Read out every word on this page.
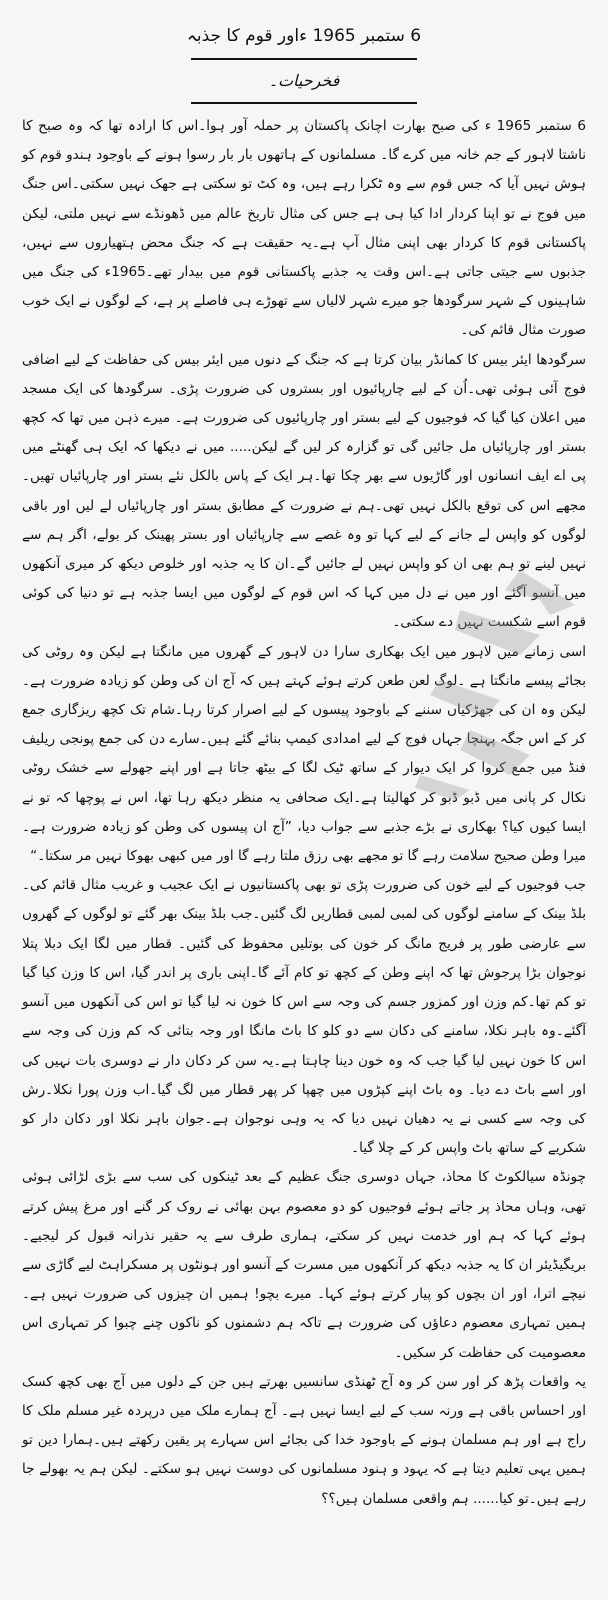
6 ستمبر 1965 ءاور قوم کا جذبہ
فخرحیات۔

6 ستمبر 1965 ء کی صبح بھارت اچانک پاکستان پر حملہ آور ہوا۔اس کا ارادہ تھا کہ وہ صبح کا ناشتا لاہور کے جم خانہ میں کرے گا۔ مسلمانوں کے ہاتھوں بار بار رسوا ہونے کے باوجود ہندو قوم کو ہوش نہیں آیا کہ جس قوم سے وہ ٹکرا رہے ہیں، وہ کٹ تو سکتی ہے جھک نہیں سکتی۔اس جنگ میں فوج نے تو اپنا کردار ادا کیا ہی ہے جس کی مثال تاریخ عالم میں ڈھونڈے سے نہیں ملتی، لیکن پاکستانی قوم کا کردار بھی اپنی مثال آپ ہے۔یہ حقیقت ہے کہ جنگ محض ہتھیاروں سے نہیں، جذبوں سے جیتی جاتی ہے۔اس وقت یہ جذبے پاکستانی قوم میں بیدار تھے۔1965ء کی جنگ میں شاہینوں کے شہر سرگودھا جو میرے شہر لالیاں سے تھوڑے ہی فاصلے پر ہے، کے لوگوں نے ایک خوب صورت مثال قائم کی۔

سرگودھا ایئر بیس کا کمانڈر بیان کرتا ہے کہ جنگ کے دنوں میں ایئر بیس کی حفاظت کے لیے اضافی فوج آئی ہوئی تھی۔اُن کے لیے چارپائیوں اور بستروں کی ضرورت پڑی۔ سرگودھا کی ایک مسجد میں اعلان کیا گیا کہ فوجیوں کے لیے بستر اور چارپائیوں کی ضرورت ہے۔ میرے ذہن میں تھا کہ کچھ بستر اور چارپائیاں مل جائیں گی تو گزارہ کر لیں گے لیکن..... میں نے دیکھا کہ ایک ہی گھنٹے میں پی اے ایف انسانوں اور گاڑیوں سے بھر چکا تھا۔ہر ایک کے پاس بالکل نئے بستر اور چارپائیاں تھیں۔ مجھے اس کی توقع بالکل نہیں تھی۔ہم نے ضرورت کے مطابق بستر اور چارپائیاں لے لیں اور باقی لوگوں کو واپس لے جانے کے لیے کہا تو وہ غصے سے چارپائیاں اور بستر پھینک کر بولے، اگر ہم سے نہیں لینے تو ہم بھی ان کو واپس نہیں لے جائیں گے۔ان کا یہ جذبہ اور خلوص دیکھ کر میری آنکھوں میں آنسو آگئے اور میں نے دل میں کہا کہ اس قوم کے لوگوں میں ایسا جذبہ ہے تو دنیا کی کوئی قوم اسے شکست نہیں دے سکتی۔

اسی زمانے میں لاہور میں ایک بھکاری سارا دن لاہور کے گھروں میں مانگتا ہے لیکن وہ روٹی کی بجائے پیسے مانگتا ہے ۔لوگ لعن طعن کرتے ہوئے کہتے ہیں کہ آج ان کی وطن کو زیادہ ضرورت ہے۔ لیکن وہ ان کی جھڑکیاں سننے کے باوجود پیسوں کے لیے اصرار کرتا رہا۔شام تک کچھ ریزگاری جمع کر کے اس جگہ پہنچا جہاں فوج کے لیے امدادی کیمپ بنائے گئے ہیں۔سارے دن کی جمع پونجی ریلیف فنڈ میں جمع کروا کر ایک دیوار کے ساتھ ٹیک لگا کے بیٹھ جاتا ہے اور اپنے جھولے سے خشک روٹی نکال کر پانی میں ڈبو ڈبو کر کھالیتا ہے۔ایک صحافی یہ منظر دیکھ رہا تھا، اس نے پوچھا کہ تو نے ایسا کیوں کیا؟ بھکاری نے بڑے جذبے سے جواب دیا، ”آج ان پیسوں کی وطن کو زیادہ ضرورت ہے۔ میرا وطن صحیح سلامت رہے گا تو مجھے بھی رزق ملتا رہے گا اور میں کبھی بھوکا نہیں مر سکتا۔“

جب فوجیوں کے لیے خون کی ضرورت پڑی تو بھی پاکستانیوں نے ایک عجیب و غریب مثال قائم کی۔بلڈ بینک کے سامنے لوگوں کی لمبی لمبی قطاریں لگ گئیں۔جب بلڈ بینک بھر گئے تو لوگوں کے گھروں سے عارضی طور پر فریج مانگ کر خون کی بوتلیں محفوظ کی گئیں۔ قطار میں لگا ایک دبلا پتلا نوجوان بڑا پرجوش تھا کہ اپنے وطن کے کچھ تو کام آئے گا۔اپنی باری پر اندر گیا، اس کا وزن کیا گیا تو کم تھا۔کم وزن اور کمزور جسم کی وجہ سے اس کا خون نہ لیا گیا تو اس کی آنکھوں میں آنسو آگئے۔وہ باہر نکلا، سامنے کی دکان سے دو کلو کا باٹ مانگا اور وجہ بتائی کہ کم وزن کی وجہ سے اس کا خون نہیں لیا گیا جب کہ وہ خون دینا چاہتا ہے۔یہ سن کر دکان دار نے دوسری بات نہیں کی اور اسے باٹ دے دیا۔ وہ باٹ اپنے کپڑوں میں چھپا کر پھر قطار میں لگ گیا۔اب وزن پورا نکلا۔رش کی وجہ سے کسی نے یہ دھیان نہیں دیا کہ یہ وہی نوجوان ہے۔جوان باہر نکلا اور دکان دار کو شکریے کے ساتھ باٹ واپس کر کے چلا گیا۔

چونڈہ سیالکوٹ کا محاذ، جہاں دوسری جنگ عظیم کے بعد ٹینکوں کی سب سے بڑی لڑائی ہوئی تھی، وہاں محاذ پر جاتے ہوئے فوجیوں کو دو معصوم بہن بھائی نے روک کر گنے اور مرغ پیش کرتے ہوئے کہا کہ ہم اور خدمت نہیں کر سکتے، ہماری طرف سے یہ حقیر نذرانہ قبول کر لیجیے۔ بریگیڈیئر ان کا یہ جذبہ دیکھ کر آنکھوں میں مسرت کے آنسو اور ہونٹوں پر مسکراہٹ لیے گاڑی سے نیچے اترا، اور ان بچوں کو پیار کرتے ہوئے کہا۔ میرے بچو! ہمیں ان چیزوں کی ضرورت نہیں ہے۔ہمیں تمہاری معصوم دعاؤں کی ضرورت ہے تاکہ ہم دشمنوں کو ناکوں چنے چبوا کر تمہاری اس معصومیت کی حفاظت کر سکیں۔

یہ واقعات پڑھ کر اور سن کر وہ آج ٹھنڈی سانسیں بھرتے ہیں جن کے دلوں میں آج بھی کچھ کسک اور احساس باقی ہے ورنہ سب کے لیے ایسا نہیں ہے۔ آج ہمارے ملک میں درپردہ غیر مسلم ملک کا راج ہے اور ہم مسلمان ہونے کے باوجود خدا کی بجائے اس سہارے پر یقین رکھتے ہیں۔ہمارا دین تو ہمیں یہی تعلیم دیتا ہے کہ یہود و ہنود مسلمانوں کی دوست نہیں ہو سکتے۔ لیکن ہم یہ بھولے جا رہے ہیں۔تو کیا...... ہم واقعی مسلمان ہیں؟؟
